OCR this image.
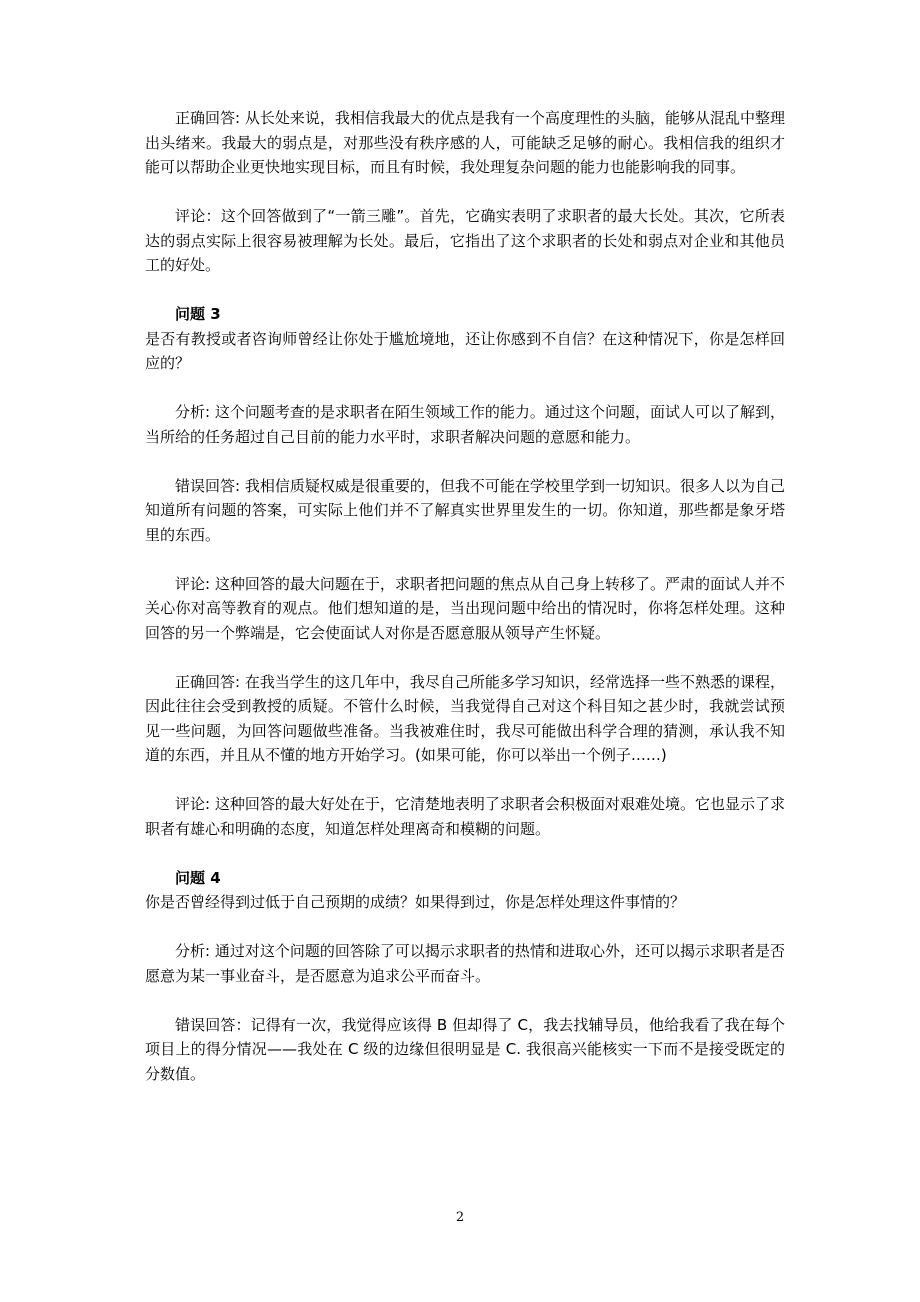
正确回答: 从长处来说，我相信我最大的优点是我有一个高度理性的头脑，能够从混乱中整理出头绪来。我最大的弱点是，对那些没有秩序感的人，可能缺乏足够的耐心。我相信我的组织才能可以帮助企业更快地实现目标，而且有时候，我处理复杂问题的能力也能影响我的同事。

评论：这个回答做到了“一箭三雕”。首先，它确实表明了求职者的最大长处。其次，它所表达的弱点实际上很容易被理解为长处。最后，它指出了这个求职者的长处和弱点对企业和其他员工的好处。

问题 3

是否有教授或者咨询师曾经让你处于尴尬境地，还让你感到不自信？在这种情况下，你是怎样回应的？

分析: 这个问题考查的是求职者在陌生领域工作的能力。通过这个问题，面试人可以了解到，当所给的任务超过自己目前的能力水平时，求职者解决问题的意愿和能力。

错误回答: 我相信质疑权威是很重要的，但我不可能在学校里学到一切知识。很多人以为自己知道所有问题的答案，可实际上他们并不了解真实世界里发生的一切。你知道，那些都是象牙塔里的东西。

评论: 这种回答的最大问题在于，求职者把问题的焦点从自己身上转移了。严肃的面试人并不关心你对高等教育的观点。他们想知道的是，当出现问题中给出的情况时，你将怎样处理。这种回答的另一个弊端是，它会使面试人对你是否愿意服从领导产生怀疑。

正确回答: 在我当学生的这几年中，我尽自己所能多学习知识，经常选择一些不熟悉的课程，因此往往会受到教授的质疑。不管什么时候，当我觉得自己对这个科目知之甚少时，我就尝试预见一些问题，为回答问题做些准备。当我被难住时，我尽可能做出科学合理的猜测，承认我不知道的东西，并且从不懂的地方开始学习。(如果可能，你可以举出一个例子……)

评论: 这种回答的最大好处在于，它清楚地表明了求职者会积极面对艰难处境。它也显示了求职者有雄心和明确的态度，知道怎样处理离奇和模糊的问题。

问题 4

你是否曾经得到过低于自己预期的成绩？如果得到过，你是怎样处理这件事情的？

分析: 通过对这个问题的回答除了可以揭示求职者的热情和进取心外，还可以揭示求职者是否愿意为某一事业奋斗，是否愿意为追求公平而奋斗。

错误回答：记得有一次，我觉得应该得 B 但却得了 C，我去找辅导员，他给我看了我在每个项目上的得分情况——我处在 C 级的边缘但很明显是 C. 我很高兴能核实一下而不是接受既定的分数值。

2
